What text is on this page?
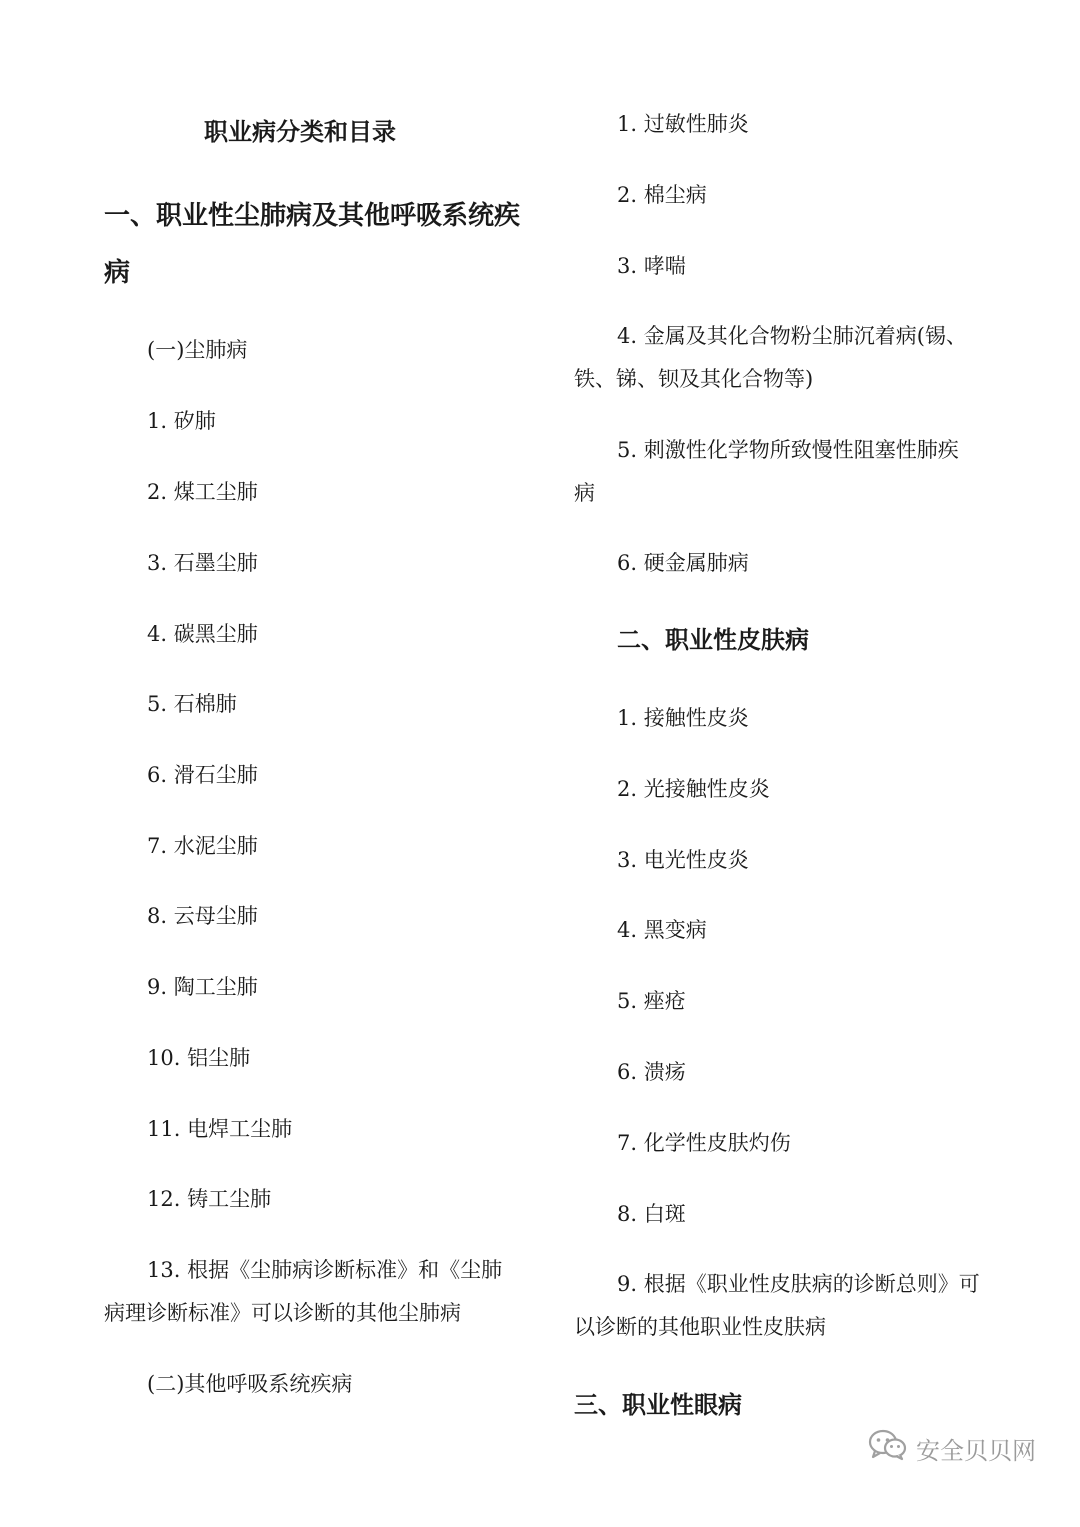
职业病分类和目录
一、职业性尘肺病及其他呼吸系统疾
病
(一)尘肺病
1. 矽肺
2. 煤工尘肺
3. 石墨尘肺
4. 碳黑尘肺
5. 石棉肺
6. 滑石尘肺
7. 水泥尘肺
8. 云母尘肺
9. 陶工尘肺
10. 铝尘肺
11. 电焊工尘肺
12. 铸工尘肺
13. 根据《尘肺病诊断标准》和《尘肺
病理诊断标准》可以诊断的其他尘肺病
(二)其他呼吸系统疾病
1. 过敏性肺炎
2. 棉尘病
3. 哮喘
4. 金属及其化合物粉尘肺沉着病(锡、
铁、锑、钡及其化合物等)
5. 刺激性化学物所致慢性阻塞性肺疾
病
6. 硬金属肺病
二、职业性皮肤病
1. 接触性皮炎
2. 光接触性皮炎
3. 电光性皮炎
4. 黑变病
5. 痤疮
6. 溃疡
7. 化学性皮肤灼伤
8. 白斑
9. 根据《职业性皮肤病的诊断总则》可
以诊断的其他职业性皮肤病
三、职业性眼病
安全贝贝网
